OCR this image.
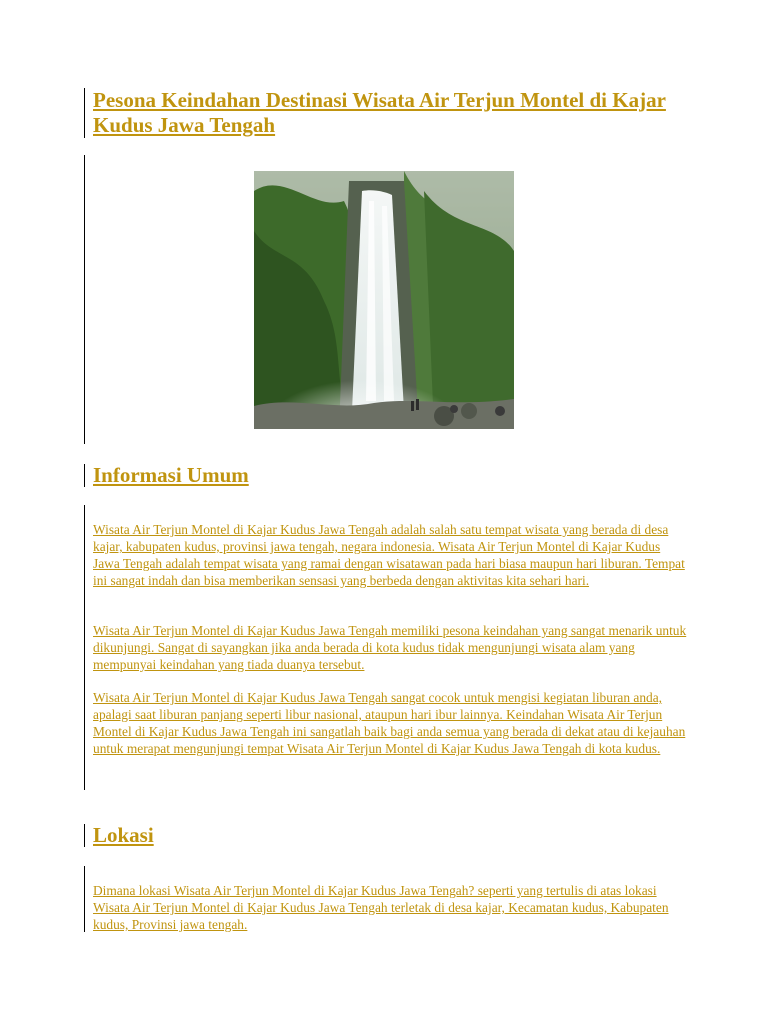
Pesona Keindahan Destinasi Wisata Air Terjun Montel di Kajar Kudus Jawa Tengah
Informasi Umum

Wisata Air Terjun Montel di Kajar Kudus Jawa Tengah adalah salah satu tempat wisata yang berada di desa kajar, kabupaten kudus, provinsi jawa tengah, negara indonesia. Wisata Air Terjun Montel di Kajar Kudus Jawa Tengah adalah tempat wisata yang ramai dengan wisatawan pada hari biasa maupun hari liburan. Tempat ini sangat indah dan bisa memberikan sensasi yang berbeda dengan aktivitas kita sehari hari.

Wisata Air Terjun Montel di Kajar Kudus Jawa Tengah memiliki pesona keindahan yang sangat menarik untuk dikunjungi. Sangat di sayangkan jika anda berada di kota kudus tidak mengunjungi wisata alam yang mempunyai keindahan yang tiada duanya tersebut.

Wisata Air Terjun Montel di Kajar Kudus Jawa Tengah sangat cocok untuk mengisi kegiatan liburan anda, apalagi saat liburan panjang seperti libur nasional, ataupun hari ibur lainnya. Keindahan Wisata Air Terjun Montel di Kajar Kudus Jawa Tengah ini sangatlah baik bagi anda semua yang berada di dekat atau di kejauhan untuk merapat mengunjungi tempat Wisata Air Terjun Montel di Kajar Kudus Jawa Tengah di kota kudus.

Lokasi

Dimana lokasi Wisata Air Terjun Montel di Kajar Kudus Jawa Tengah? seperti yang tertulis di atas lokasi Wisata Air Terjun Montel di Kajar Kudus Jawa Tengah terletak di desa kajar, Kecamatan kudus, Kabupaten kudus, Provinsi jawa tengah.
